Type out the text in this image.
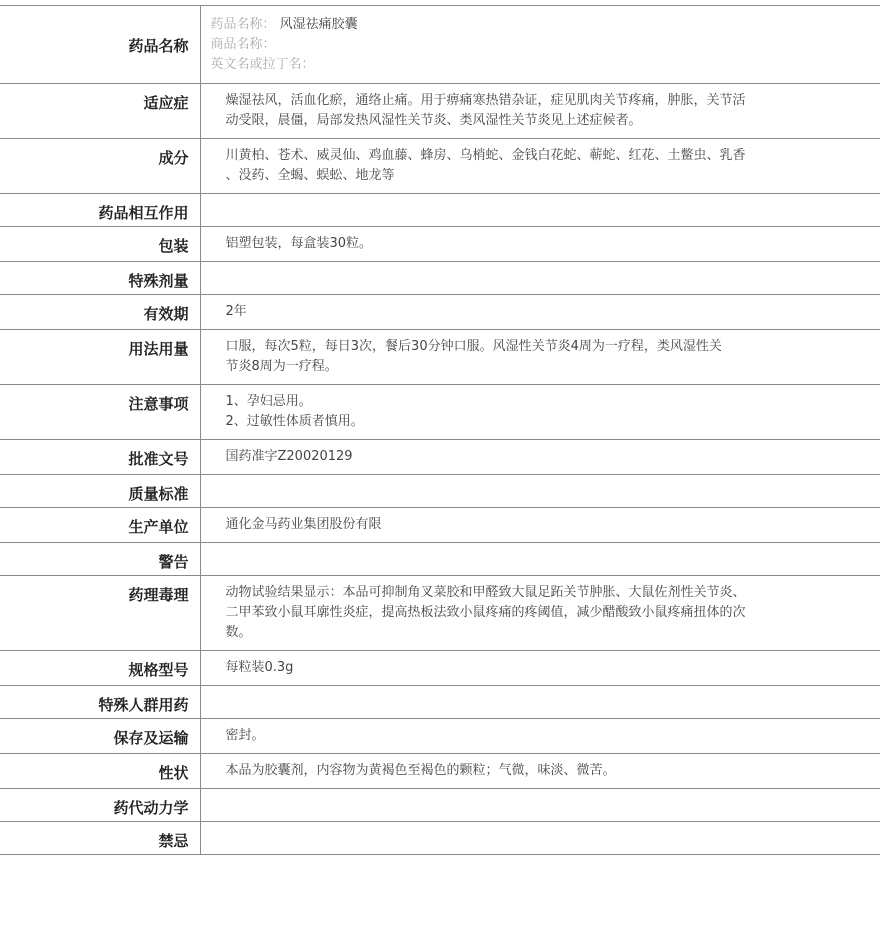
药品名称	药品名称： 风湿祛痛胶囊
商品名称：
英文名或拉丁名：

适应症	燥湿祛风，活血化瘀，通络止痛。用于痹痛寒热错杂证，症见肌肉关节疼痛，肿胀，关节活
动受限，晨僵，局部发热风湿性关节炎、类风湿性关节炎见上述症候者。

成分	川黄柏、苍术、威灵仙、鸡血藤、蜂房、乌梢蛇、金钱白花蛇、蕲蛇、红花、土鳖虫、乳香
、没药、全蝎、蜈蚣、地龙等

药品相互作用	
包装	铝塑包装，每盒装30粒。

特殊剂量	
有效期	2年

用法用量	口服，每次5粒，每日3次，餐后30分钟口服。风湿性关节炎4周为一疗程，类风湿性关
节炎8周为一疗程。

注意事项	1、孕妇忌用。
2、过敏性体质者慎用。

批准文号	国药准字Z20020129

质量标准	
生产单位	通化金马药业集团股份有限

警告	
药理毒理	动物试验结果显示：本品可抑制角叉菜胶和甲醛致大鼠足跖关节肿胀、大鼠佐剂性关节炎、
二甲苯致小鼠耳廓性炎症，提高热板法致小鼠疼痛的疼阈值，减少醋酸致小鼠疼痛扭体的次
数。

规格型号	每粒装0.3g

特殊人群用药	
保存及运输	密封。

性状	本品为胶囊剂，内容物为黄褐色至褐色的颗粒；气微，味淡、微苦。

药代动力学	
禁忌	
